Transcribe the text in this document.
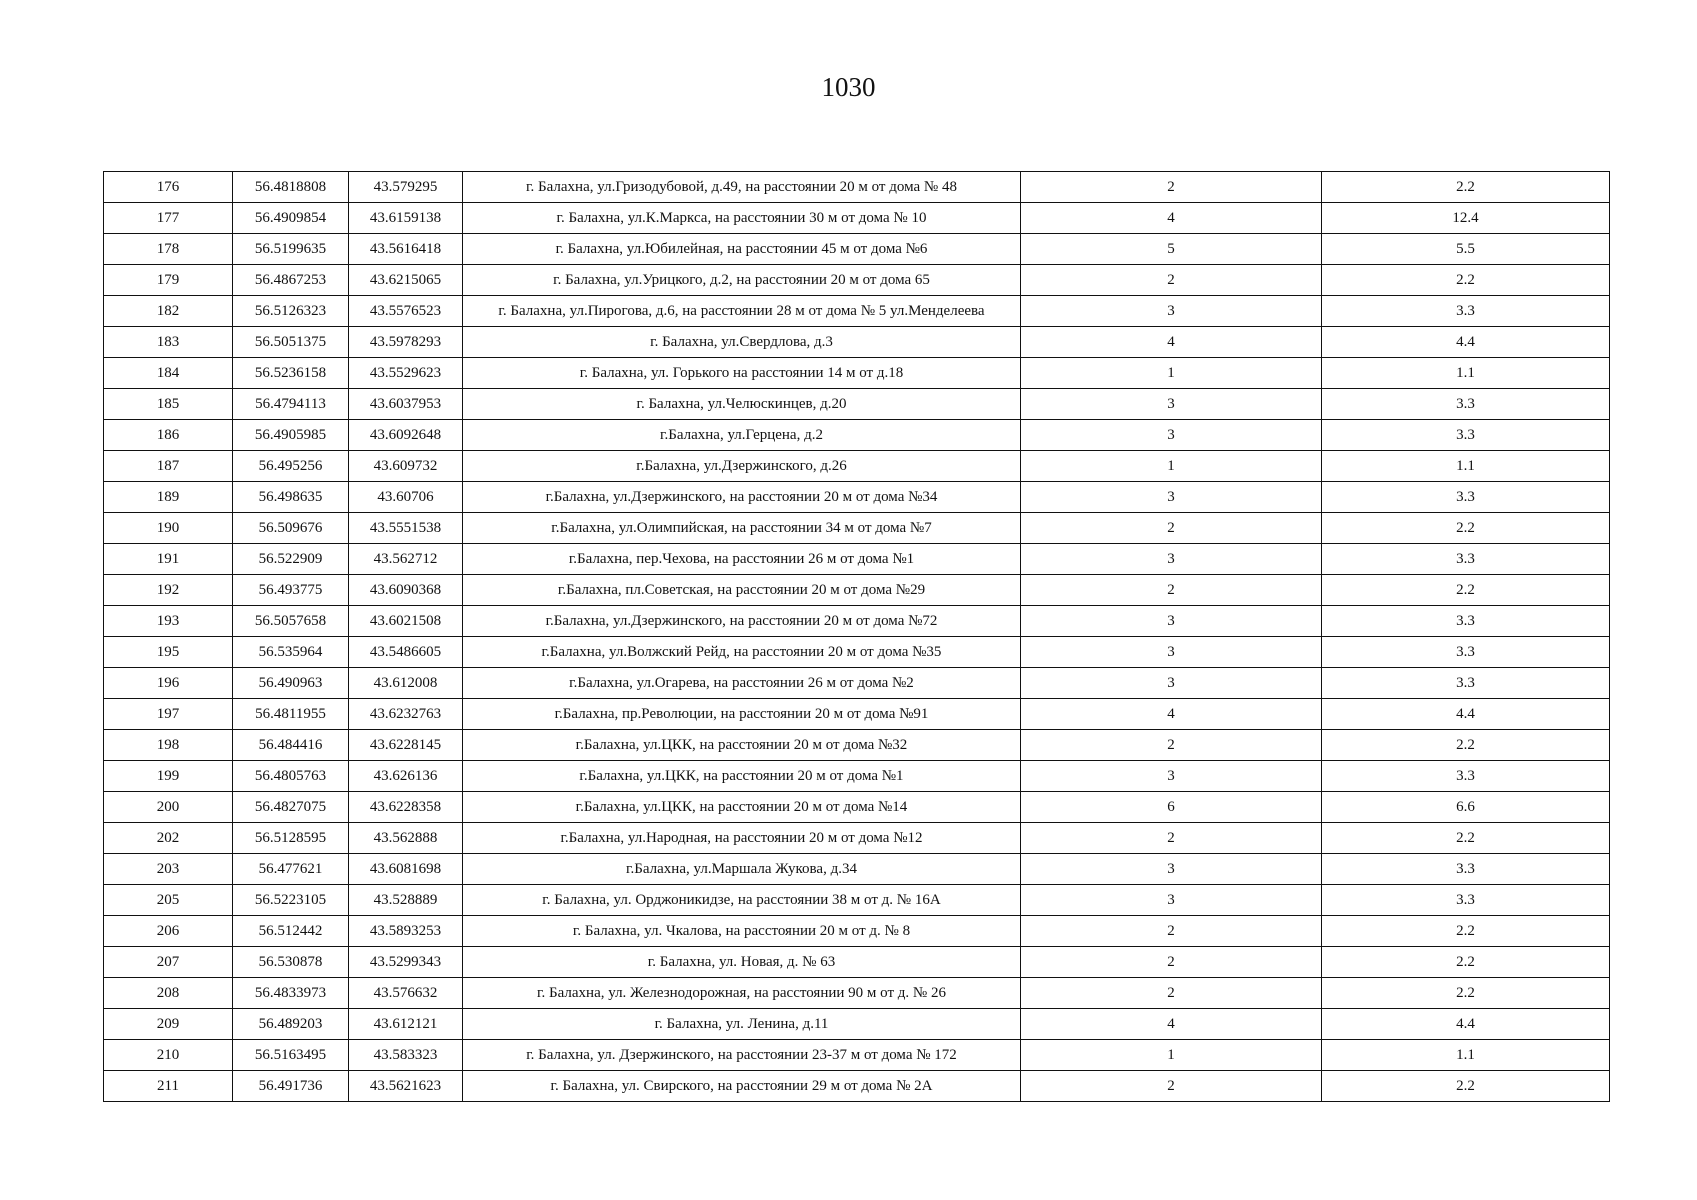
1030
176	56.4818808	43.579295	г. Балахна, ул.Гризодубовой, д.49, на расстоянии 20 м от дома № 48	2	2.2
177	56.4909854	43.6159138	г. Балахна, ул.К.Маркса, на расстоянии 30 м от дома № 10	4	12.4
178	56.5199635	43.5616418	г. Балахна, ул.Юбилейная, на расстоянии 45 м от дома №6	5	5.5
179	56.4867253	43.6215065	г. Балахна, ул.Урицкого, д.2, на расстоянии 20 м от дома 65	2	2.2
182	56.5126323	43.5576523	г. Балахна, ул.Пирогова, д.6, на расстоянии 28 м от дома № 5 ул.Менделеева	3	3.3
183	56.5051375	43.5978293	г. Балахна, ул.Свердлова, д.3	4	4.4
184	56.5236158	43.5529623	г. Балахна, ул. Горького на расстоянии 14 м от д.18	1	1.1
185	56.4794113	43.6037953	г. Балахна, ул.Челюскинцев, д.20	3	3.3
186	56.4905985	43.6092648	г.Балахна, ул.Герцена, д.2	3	3.3
187	56.495256	43.609732	г.Балахна, ул.Дзержинского, д.26	1	1.1
189	56.498635	43.60706	г.Балахна, ул.Дзержинского, на расстоянии 20 м от дома №34	3	3.3
190	56.509676	43.5551538	г.Балахна, ул.Олимпийская, на расстоянии 34 м от дома №7	2	2.2
191	56.522909	43.562712	г.Балахна, пер.Чехова, на расстоянии 26 м от дома №1	3	3.3
192	56.493775	43.6090368	г.Балахна, пл.Советская, на расстоянии 20 м от дома №29	2	2.2
193	56.5057658	43.6021508	г.Балахна, ул.Дзержинского, на расстоянии 20 м от дома №72	3	3.3
195	56.535964	43.5486605	г.Балахна, ул.Волжский Рейд, на расстоянии 20 м от дома №35	3	3.3
196	56.490963	43.612008	г.Балахна, ул.Огарева, на расстоянии 26 м от дома №2	3	3.3
197	56.4811955	43.6232763	г.Балахна, пр.Революции, на расстоянии 20 м от дома №91	4	4.4
198	56.484416	43.6228145	г.Балахна, ул.ЦКК, на расстоянии 20 м от дома №32	2	2.2
199	56.4805763	43.626136	г.Балахна, ул.ЦКК, на расстоянии 20 м от дома №1	3	3.3
200	56.4827075	43.6228358	г.Балахна, ул.ЦКК, на расстоянии 20 м от дома №14	6	6.6
202	56.5128595	43.562888	г.Балахна, ул.Народная, на расстоянии 20 м от дома №12	2	2.2
203	56.477621	43.6081698	г.Балахна, ул.Маршала Жукова, д.34	3	3.3
205	56.5223105	43.528889	г. Балахна, ул. Орджоникидзе, на расстоянии 38 м от д. № 16А	3	3.3
206	56.512442	43.5893253	г. Балахна, ул. Чкалова, на расстоянии 20 м от д. № 8	2	2.2
207	56.530878	43.5299343	г. Балахна, ул. Новая, д. № 63	2	2.2
208	56.4833973	43.576632	г. Балахна, ул. Железнодорожная, на расстоянии 90 м от д. № 26	2	2.2
209	56.489203	43.612121	г. Балахна, ул. Ленина, д.11	4	4.4
210	56.5163495	43.583323	г. Балахна, ул. Дзержинского, на расстоянии 23-37 м от дома № 172	1	1.1
211	56.491736	43.5621623	г. Балахна, ул. Свирского, на расстоянии 29 м от дома № 2А	2	2.2
